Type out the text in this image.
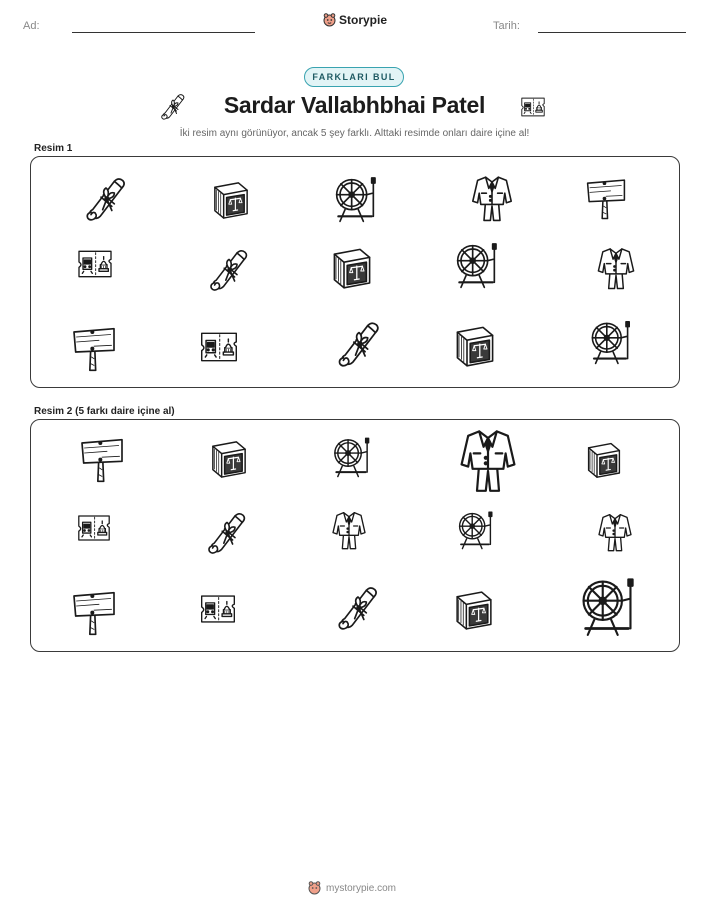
Ad:	Storypie	Tarih:
FARKLARI BUL
Sardar Vallabhbhai Patel
İki resim aynı görünüyor, ancak 5 şey farklı. Alttaki resimde onları daire içine al!
Resim 1
Resim 2 (5 farkı daire içine al)
mystorypie.com
